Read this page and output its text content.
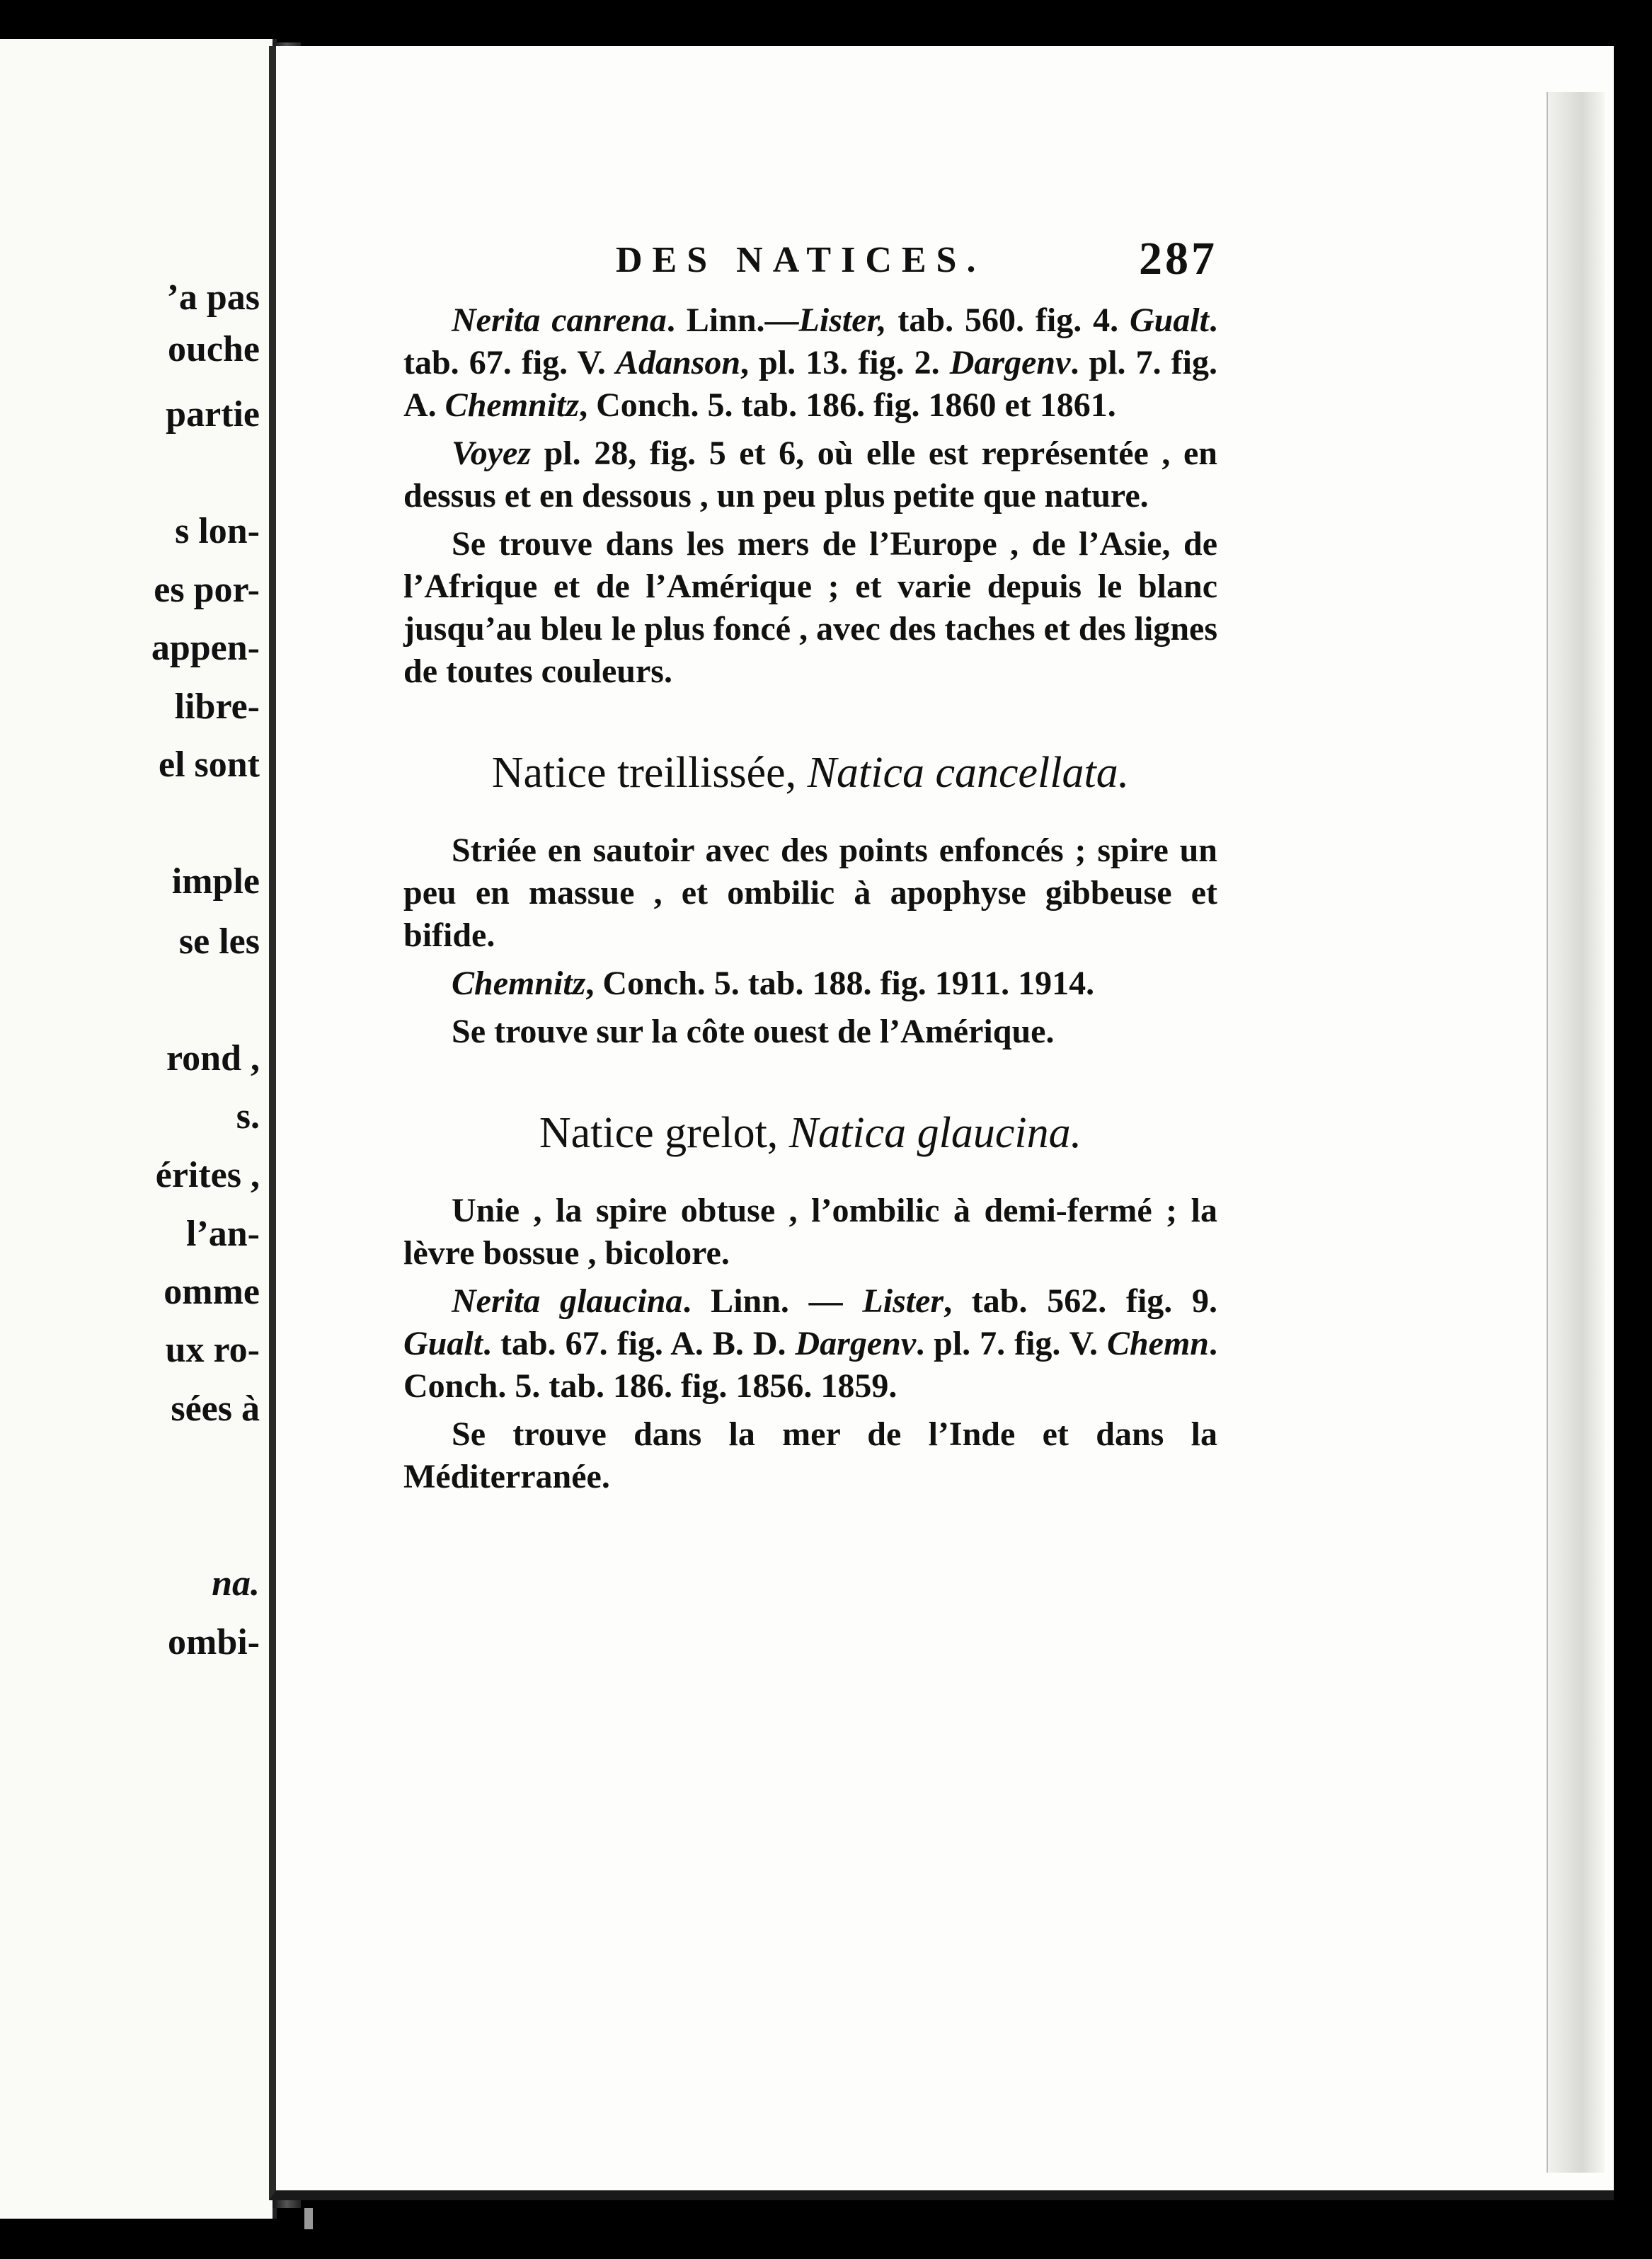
’a pas
ouche
partie
s lon-
es por-
appen-
libre-
el sont
imple
se les
rond ,
s.
érites ,
l’an-
omme
ux ro-
sées à
na.
ombi-
DES NATICES.	287

Nerita canrena. Linn.—Lister, tab. 560. fig. 4. Gualt. tab. 67. fig. V. Adanson, pl. 13. fig. 2. Dargenv. pl. 7. fig. A. Chemnitz, Conch. 5. tab. 186. fig. 1860 et 1861.

Voyez pl. 28, fig. 5 et 6, où elle est représentée , en dessus et en dessous , un peu plus petite que nature.

Se trouve dans les mers de l’Europe , de l’Asie, de l’Afrique et de l’Amérique ; et varie depuis le blanc jusqu’au bleu le plus foncé , avec des taches et des lignes de toutes couleurs.

Natice treillissée, Natica cancellata.

Striée en sautoir avec des points enfoncés ; spire un peu en massue , et ombilic à apophyse gibbeuse et bifide.

Chemnitz, Conch. 5. tab. 188. fig. 1911. 1914.

Se trouve sur la côte ouest de l’Amérique.

Natice grelot, Natica glaucina.

Unie , la spire obtuse , l’ombilic à demi-fermé ; la lèvre bossue , bicolore.

Nerita glaucina. Linn. — Lister, tab. 562. fig. 9. Gualt. tab. 67. fig. A. B. D. Dargenv. pl. 7. fig. V. Chemn. Conch. 5. tab. 186. fig. 1856. 1859.

Se trouve dans la mer de l’Inde et dans la Méditerranée.
